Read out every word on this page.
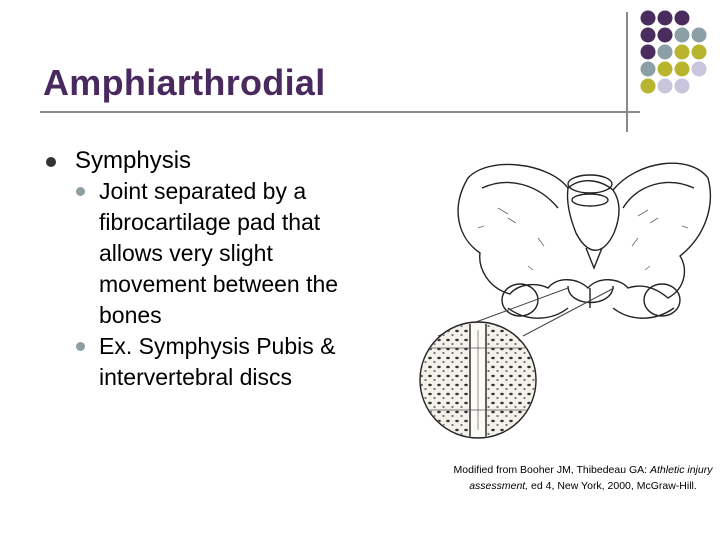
Amphiarthrodial
Symphysis
Joint separated by a fibrocartilage pad that allows very slight movement between the bones
Ex. Symphysis Pubis & intervertebral discs
Modified from Booher JM, Thibedeau GA: Athletic injury assessment, ed 4, New York, 2000, McGraw-Hill.
